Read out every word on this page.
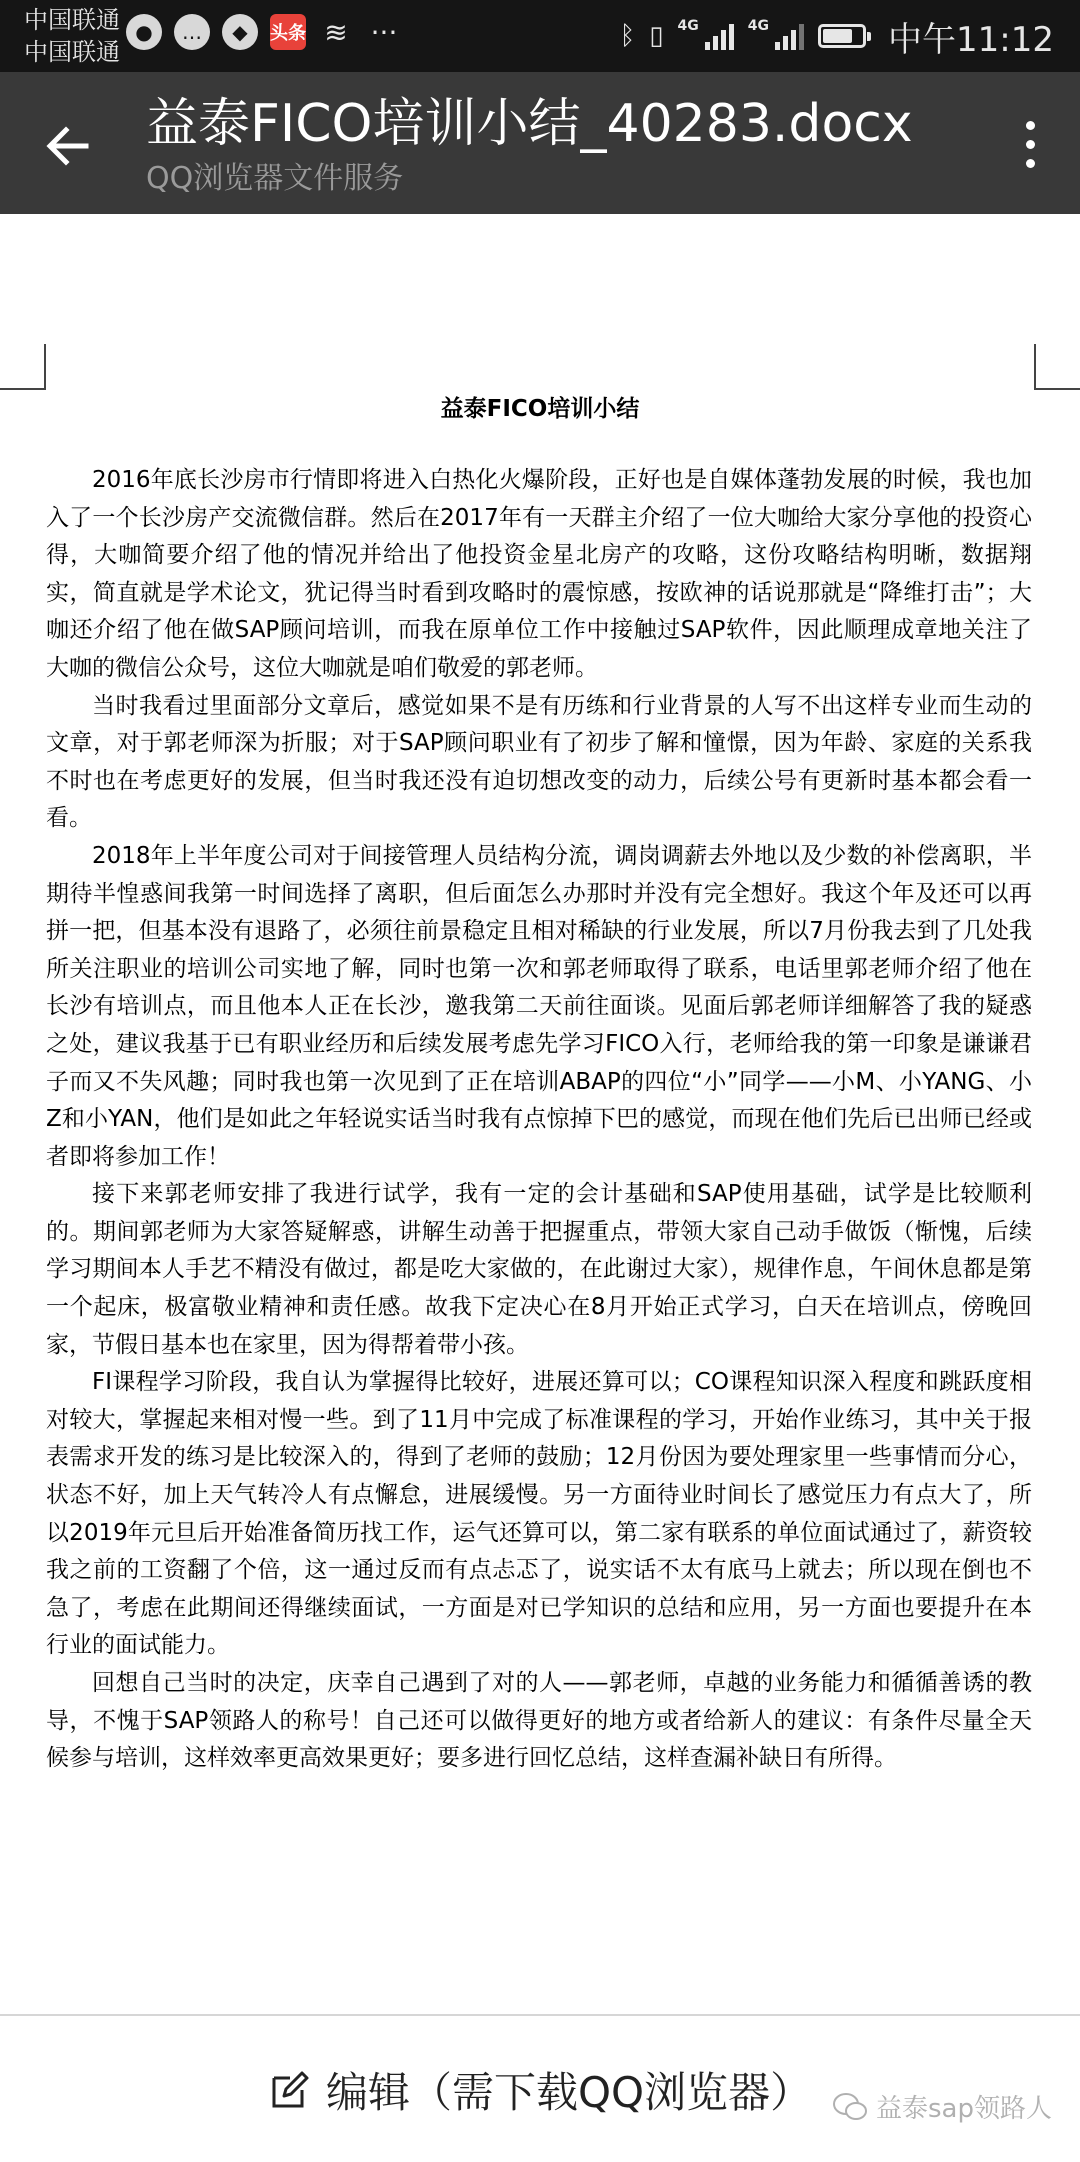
中国联通
中国联通
●	…	◆	头条 ≋ ···	ᛒ ▯ 4G	4G	中午11:12
益泰FICO培训小结_40283.docx
QQ浏览器文件服务
益泰FICO培训小结

2016年底长沙房市行情即将进入白热化火爆阶段，正好也是自媒体蓬勃发展的时候，我也加入了一个长沙房产交流微信群。然后在2017年有一天群主介绍了一位大咖给大家分享他的投资心得，大咖简要介绍了他的情况并给出了他投资金星北房产的攻略，这份攻略结构明晰，数据翔实，简直就是学术论文，犹记得当时看到攻略时的震惊感，按欧神的话说那就是“降维打击”；大咖还介绍了他在做SAP顾问培训，而我在原单位工作中接触过SAP软件，因此顺理成章地关注了大咖的微信公众号，这位大咖就是咱们敬爱的郭老师。

当时我看过里面部分文章后，感觉如果不是有历练和行业背景的人写不出这样专业而生动的文章，对于郭老师深为折服；对于SAP顾问职业有了初步了解和憧憬，因为年龄、家庭的关系我不时也在考虑更好的发展，但当时我还没有迫切想改变的动力，后续公号有更新时基本都会看一看。

2018年上半年度公司对于间接管理人员结构分流，调岗调薪去外地以及少数的补偿离职，半期待半惶惑间我第一时间选择了离职，但后面怎么办那时并没有完全想好。我这个年及还可以再拼一把，但基本没有退路了，必须往前景稳定且相对稀缺的行业发展，所以7月份我去到了几处我所关注职业的培训公司实地了解，同时也第一次和郭老师取得了联系，电话里郭老师介绍了他在长沙有培训点，而且他本人正在长沙，邀我第二天前往面谈。见面后郭老师详细解答了我的疑惑之处，建议我基于已有职业经历和后续发展考虑先学习FICO入行，老师给我的第一印象是谦谦君子而又不失风趣；同时我也第一次见到了正在培训ABAP的四位“小”同学——小M、小YANG、小Z和小YAN，他们是如此之年轻说实话当时我有点惊掉下巴的感觉，而现在他们先后已出师已经或者即将参加工作！

接下来郭老师安排了我进行试学，我有一定的会计基础和SAP使用基础，试学是比较顺利的。期间郭老师为大家答疑解惑，讲解生动善于把握重点，带领大家自己动手做饭（惭愧，后续学习期间本人手艺不精没有做过，都是吃大家做的，在此谢过大家），规律作息，午间休息都是第一个起床，极富敬业精神和责任感。故我下定决心在8月开始正式学习，白天在培训点，傍晚回家，节假日基本也在家里，因为得帮着带小孩。

FI课程学习阶段，我自认为掌握得比较好，进展还算可以；CO课程知识深入程度和跳跃度相对较大，掌握起来相对慢一些。到了11月中完成了标准课程的学习，开始作业练习，其中关于报表需求开发的练习是比较深入的，得到了老师的鼓励；12月份因为要处理家里一些事情而分心，状态不好，加上天气转冷人有点懈怠，进展缓慢。另一方面待业时间长了感觉压力有点大了，所以2019年元旦后开始准备简历找工作，运气还算可以，第二家有联系的单位面试通过了，薪资较我之前的工资翻了个倍，这一通过反而有点忐忑了，说实话不太有底马上就去；所以现在倒也不急了，考虑在此期间还得继续面试，一方面是对已学知识的总结和应用，另一方面也要提升在本行业的面试能力。

回想自己当时的决定，庆幸自己遇到了对的人——郭老师，卓越的业务能力和循循善诱的教导，不愧于SAP领路人的称号！自己还可以做得更好的地方或者给新人的建议：有条件尽量全天候参与培训，这样效率更高效果更好；要多进行回忆总结，这样查漏补缺日有所得。

编辑（需下载QQ浏览器） 益泰sap领路人
